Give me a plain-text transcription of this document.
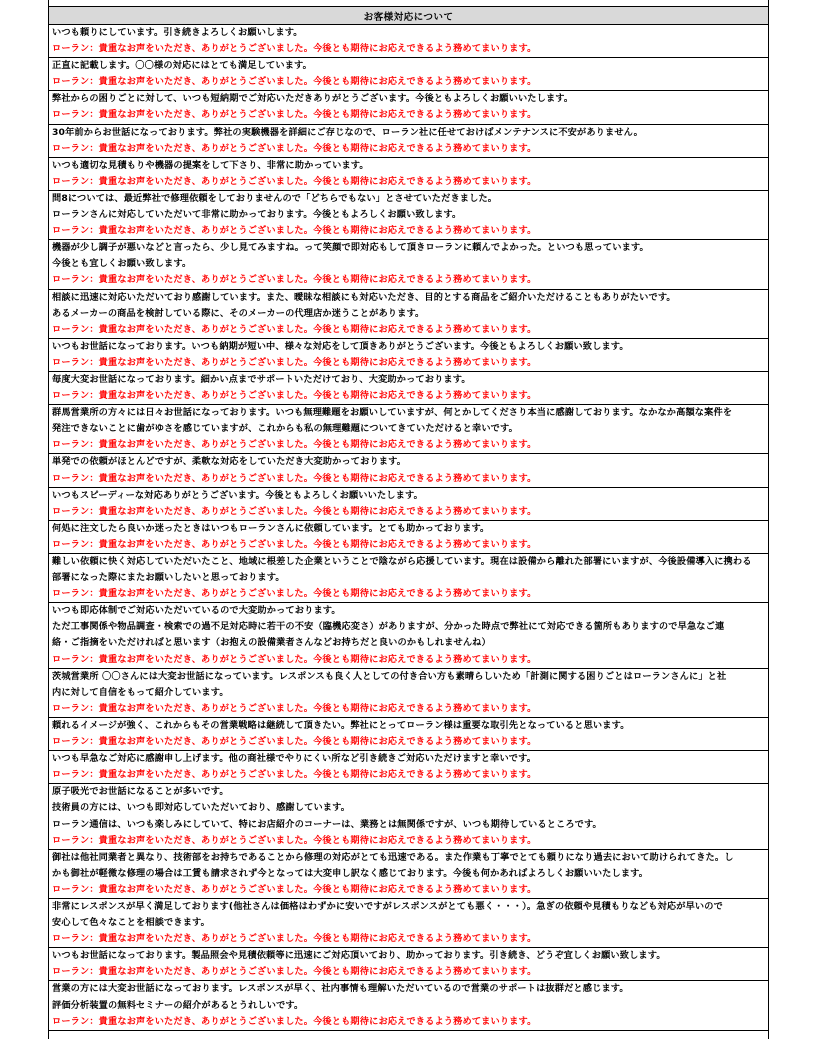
お客様対応について

いつも頼りにしています。引き続きよろしくお願いします。
ローラン：貴重なお声をいただき、ありがとうございました。今後とも期待にお応えできるよう務めてまいります。

正直に記載します。〇〇様の対応にはとても満足しています。
ローラン：貴重なお声をいただき、ありがとうございました。今後とも期待にお応えできるよう務めてまいります。

弊社からの困りごとに対して、いつも短納期でご対応いただきありがとうございます。今後ともよろしくお願いいたします。
ローラン：貴重なお声をいただき、ありがとうございました。今後とも期待にお応えできるよう務めてまいります。

30年前からお世話になっております。弊社の実験機器を詳細にご存じなので、ローラン社に任せておけばメンテナンスに不安がありません。
ローラン：貴重なお声をいただき、ありがとうございました。今後とも期待にお応えできるよう務めてまいります。

いつも適切な見積もりや機器の提案をして下さり、非常に助かっています。
ローラン：貴重なお声をいただき、ありがとうございました。今後とも期待にお応えできるよう務めてまいります。

問8については、最近弊社で修理依頼をしておりませんので「どちらでもない」とさせていただきました。
ローランさんに対応していただいて非常に助かっております。今後ともよろしくお願い致します。
ローラン：貴重なお声をいただき、ありがとうございました。今後とも期待にお応えできるよう務めてまいります。

機器が少し調子が悪いなどと言ったら、少し見てみますね。って笑顔で即対応もして頂きローランに頼んでよかった。といつも思っています。
今後とも宜しくお願い致します。
ローラン：貴重なお声をいただき、ありがとうございました。今後とも期待にお応えできるよう務めてまいります。

相談に迅速に対応いただいており感謝しています。また、曖昧な相談にも対応いただき、目的とする商品をご紹介いただけることもありがたいです。
あるメーカーの商品を検討している際に、そのメーカーの代理店か迷うことがあります。
ローラン：貴重なお声をいただき、ありがとうございました。今後とも期待にお応えできるよう務めてまいります。

いつもお世話になっております。いつも納期が短い中、様々な対応をして頂きありがとうございます。今後ともよろしくお願い致します。
ローラン：貴重なお声をいただき、ありがとうございました。今後とも期待にお応えできるよう務めてまいります。

毎度大変お世話になっております。細かい点までサポートいただけており、大変助かっております。
ローラン：貴重なお声をいただき、ありがとうございました。今後とも期待にお応えできるよう務めてまいります。

群馬営業所の方々には日々お世話になっております。いつも無理難題をお願いしていますが、何とかしてくださり本当に感謝しております。なかなか高額な案件を
発注できないことに歯がゆさを感じていますが、これからも私の無理難題についてきていただけると幸いです。
ローラン：貴重なお声をいただき、ありがとうございました。今後とも期待にお応えできるよう務めてまいります。

単発での依頼がほとんどですが、柔軟な対応をしていただき大変助かっております。
ローラン：貴重なお声をいただき、ありがとうございました。今後とも期待にお応えできるよう務めてまいります。

いつもスピーディーな対応ありがとうございます。今後ともよろしくお願いいたします。
ローラン：貴重なお声をいただき、ありがとうございました。今後とも期待にお応えできるよう務めてまいります。

何処に注文したら良いか迷ったときはいつもローランさんに依頼しています。とても助かっております。
ローラン：貴重なお声をいただき、ありがとうございました。今後とも期待にお応えできるよう務めてまいります。

難しい依頼に快く対応していただいたこと、地域に根差した企業ということで陰ながら応援しています。現在は設備から離れた部署にいますが、今後設備導入に携わる
部署になった際にまたお願いしたいと思っております。
ローラン：貴重なお声をいただき、ありがとうございました。今後とも期待にお応えできるよう務めてまいります。

いつも即応体制でご対応いただいているので大変助かっております。
ただ工事関係や物品調査・検索での過不足対応時に若干の不安（臨機応変さ）がありますが、分かった時点で弊社にて対応できる箇所もありますので早急なご連
絡・ご指摘をいただければと思います（お抱えの設備業者さんなどお持ちだと良いのかもしれませんね）
ローラン：貴重なお声をいただき、ありがとうございました。今後とも期待にお応えできるよう務めてまいります。

茨城営業所 〇〇さんには大変お世話になっています。レスポンスも良く人としての付き合い方も素晴らしいため「計測に関する困りごとはローランさんに」と社
内に対して自信をもって紹介しています。
ローラン：貴重なお声をいただき、ありがとうございました。今後とも期待にお応えできるよう務めてまいります。

頼れるイメージが強く、これからもその営業戦略は継続して頂きたい。弊社にとってローラン様は重要な取引先となっていると思います。
ローラン：貴重なお声をいただき、ありがとうございました。今後とも期待にお応えできるよう務めてまいります。

いつも早急なご対応に感謝申し上げます。他の商社様でやりにくい所など引き続きご対応いただけますと幸いです。
ローラン：貴重なお声をいただき、ありがとうございました。今後とも期待にお応えできるよう務めてまいります。

原子吸光でお世話になることが多いです。
技術員の方には、いつも即対応していただいており、感謝しています。
ローラン通信は、いつも楽しみにしていて、特にお店紹介のコーナーは、業務とは無関係ですが、いつも期待しているところです。
ローラン：貴重なお声をいただき、ありがとうございました。今後とも期待にお応えできるよう務めてまいります。

御社は他社同業者と異なり、技術部をお持ちであることから修理の対応がとても迅速である。また作業も丁寧でとても頼りになり過去において助けられてきた。し
かも御社が軽微な修理の場合は工賃も請求されず今となっては大変申し訳なく感じております。今後も何かあればよろしくお願いいたします。
ローラン：貴重なお声をいただき、ありがとうございました。今後とも期待にお応えできるよう務めてまいります。

非常にレスポンスが早く満足しております(他社さんは価格はわずかに安いですがレスポンスがとても悪く・・・）。急ぎの依頼や見積もりなども対応が早いので
安心して色々なことを相談できます。
ローラン：貴重なお声をいただき、ありがとうございました。今後とも期待にお応えできるよう務めてまいります。

いつもお世話になっております。製品照会や見積依頼等に迅速にご対応頂いており、助かっております。引き続き、どうぞ宜しくお願い致します。
ローラン：貴重なお声をいただき、ありがとうございました。今後とも期待にお応えできるよう務めてまいります。

営業の方には大変お世話になっております。レスポンスが早く、社内事情も理解いただいているので営業のサポートは抜群だと感じます。
評価分析装置の無料セミナーの紹介があるとうれしいです。
ローラン：貴重なお声をいただき、ありがとうございました。今後とも期待にお応えできるよう務めてまいります。
